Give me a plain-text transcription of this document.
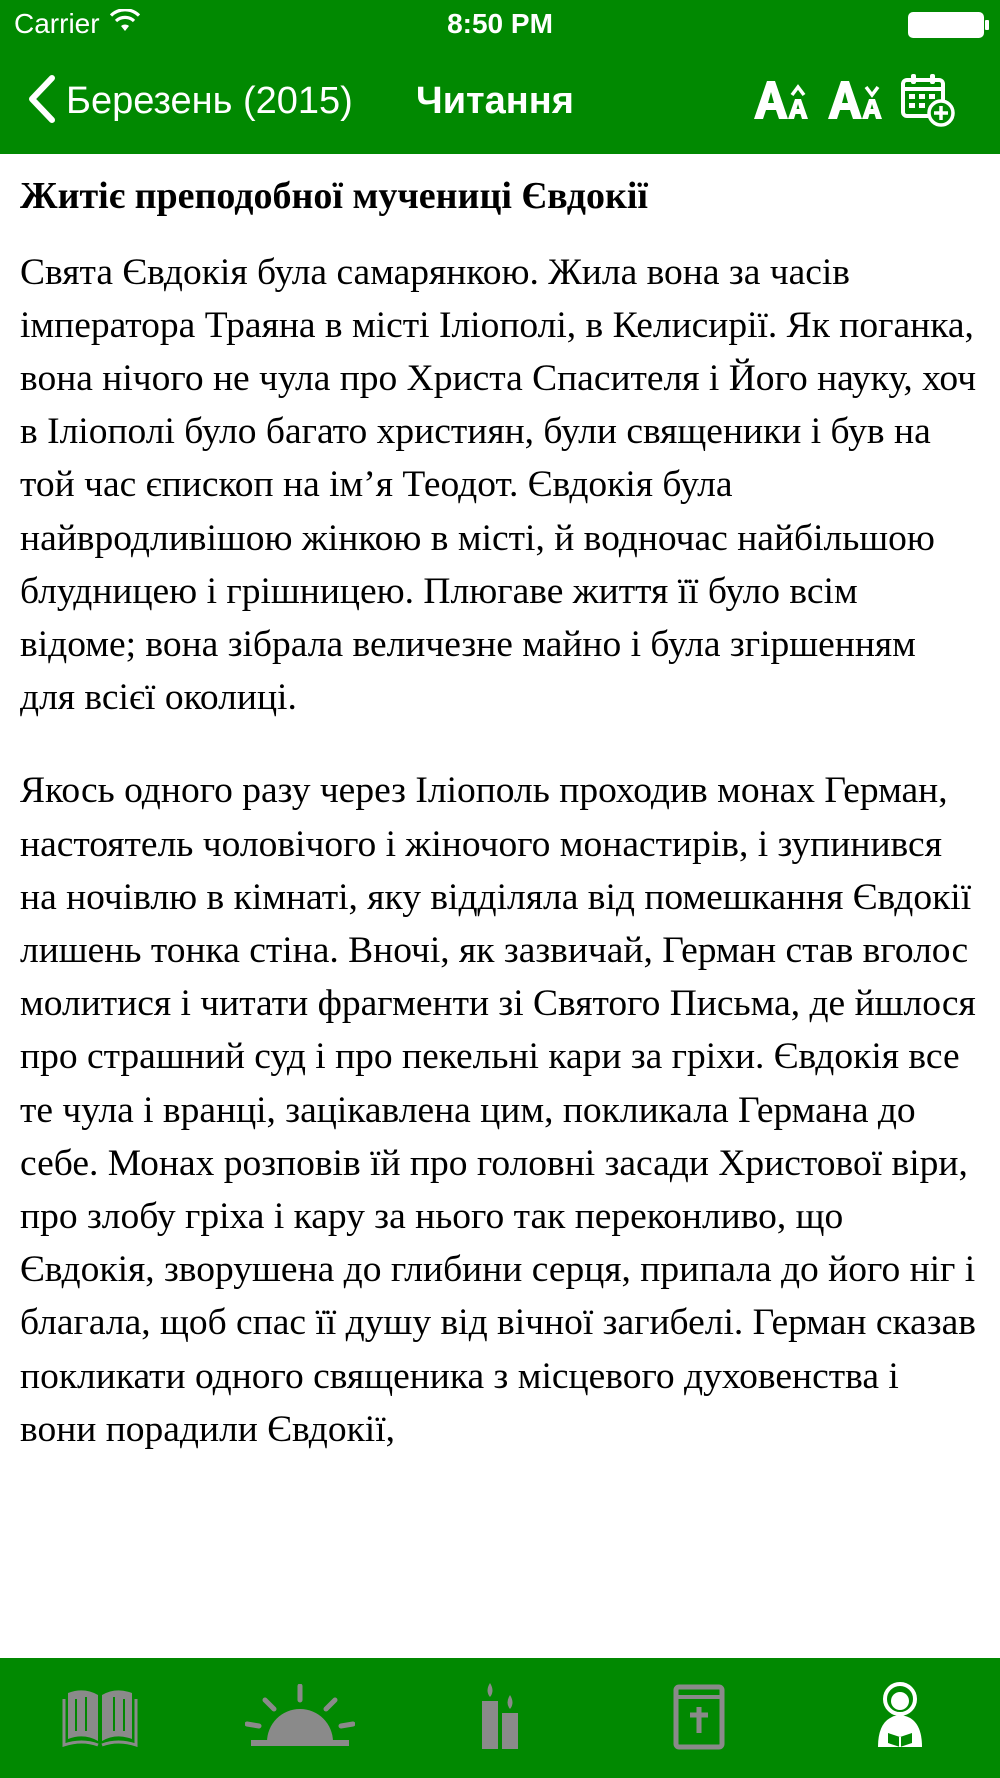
Carrier	8:50 PM
Березень (2015) Читання
Житіє преподобної мучениці Євдокії

Свята Євдокія була самарянкою. Жила вона за часів імператора Траяна в місті Іліополі, в Келисирії. Як поганка, вона нічого не чула про Христа Спасителя і Його науку, хоч в Іліополі було багато християн, були священики і був на той час єпископ на ім’я Теодот. Євдокія була найвродливішою жінкою в місті, й водночас найбільшою блудницею і грішницею. Плюгаве життя її було всім відоме; вона зібрала величезне майно і була згіршенням для всієї околиці.

Якось одного разу через Іліополь проходив монах Герман, настоятель чоловічого і жіночого монастирів, і зупинився на ночівлю в кімнаті, яку відділяла від помешкання Євдокії лишень тонка стіна. Вночі, як зазвичай, Герман став вголос молитися і читати фрагменти зі Святого Письма, де йшлося про страшний суд і про пекельні кари за гріхи. Євдокія все те чула і вранці, зацікавлена цим, покликала Германа до себе. Монах розповів їй про головні засади Христової віри, про злобу гріха і кару за нього так переконливо, що Євдокія, зворушена до глибини серця, припала до його ніг і благала, щоб спас її душу від вічної загибелі. Герман сказав покликати одного священика з місцевого духовенства і вони порадили Євдокії,
